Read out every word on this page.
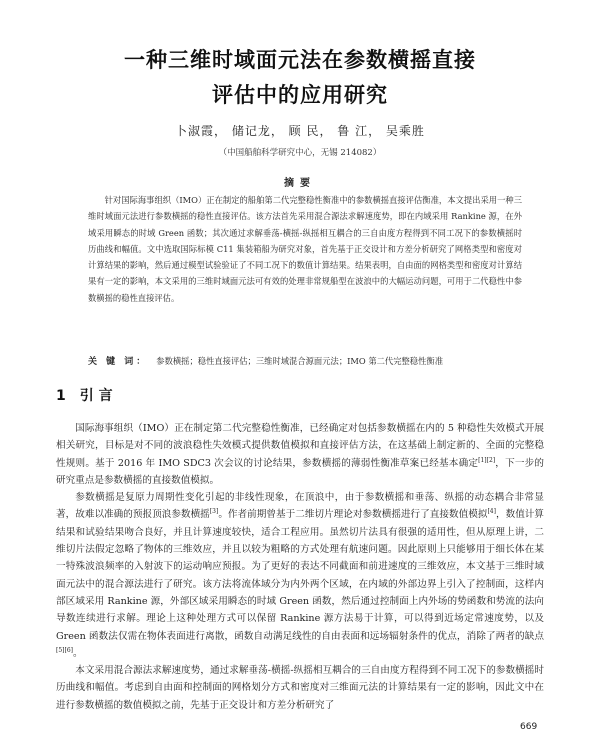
一种三维时域面元法在参数横摇直接
评估中的应用研究
卜淑霞， 储记龙， 顾 民， 鲁 江， 吴乘胜
（中国船舶科学研究中心，无锡 214082）
摘要
针对国际海事组织（IMO）正在制定的船舶第二代完整稳性衡准中的参数横摇直接评估衡准，本文提出采用一种三维时域面元法进行参数横摇的稳性直接评估。该方法首先采用混合源法求解速度势，即在内域采用 Rankine 源，在外域采用瞬态的时域 Green 函数；其次通过求解垂荡-横摇-纵摇相互耦合的三自由度方程得到不同工况下的参数横摇时历曲线和幅值。文中选取国际标模 C11 集装箱船为研究对象，首先基于正交设计和方差分析研究了网格类型和密度对计算结果的影响，然后通过模型试验验证了不同工况下的数值计算结果。结果表明，自由面的网格类型和密度对计算结果有一定的影响，本文采用的三维时域面元法可有效的处理非常规船型在波浪中的大幅运动问题，可用于二代稳性中参数横摇的稳性直接评估。
关 键 词： 参数横摇；稳性直接评估；三维时域混合源面元法；IMO 第二代完整稳性衡准
1 引 言

国际海事组织（IMO）正在制定第二代完整稳性衡准，已经确定对包括参数横摇在内的 5 种稳性失效模式开展相关研究，目标是对不同的波浪稳性失效模式提供数值模拟和直接评估方法，在这基础上制定新的、全面的完整稳性规则。基于 2016 年 IMO SDC3 次会议的讨论结果，参数横摇的薄弱性衡准草案已经基本确定[1][2]，下一步的研究重点是参数横摇的直接数值模拟。

参数横摇是复原力周期性变化引起的非线性现象，在顶浪中，由于参数横摇和垂荡、纵摇的动态耦合非常显著，故难以准确的预报顶浪参数横摇[3]。作者前期曾基于二维切片理论对参数横摇进行了直接数值模拟[4]，数值计算结果和试验结果吻合良好，并且计算速度较快，适合工程应用。虽然切片法具有很强的适用性，但从原理上讲，二维切片法假定忽略了物体的三维效应，并且以较为粗略的方式处理有航速问题。因此原则上只能够用于细长体在某一特殊波浪频率的入射波下的运动响应预报。为了更好的表达不同截面和前进速度的三维效应，本文基于三维时域面元法中的混合源法进行了研究。该方法将流体域分为内外两个区域，在内域的外部边界上引入了控制面，这样内部区域采用 Rankine 源，外部区域采用瞬态的时域 Green 函数，然后通过控制面上内外场的势函数和势流的法向导数连续进行求解。理论上这种处理方式可以保留 Rankine 源方法易于计算，可以得到近场定常速度势，以及 Green 函数法仅需在物体表面进行离散，函数自动满足线性的自由表面和远场辐射条件的优点，消除了两者的缺点[5][6]。

本文采用混合源法求解速度势，通过求解垂荡-横摇-纵摇相互耦合的三自由度方程得到不同工况下的参数横摇时历曲线和幅值。考虑到自由面和控制面的网格划分方式和密度对三维面元法的计算结果有一定的影响，因此文中在进行参数横摇的数值模拟之前，先基于正交设计和方差分析研究了

669
